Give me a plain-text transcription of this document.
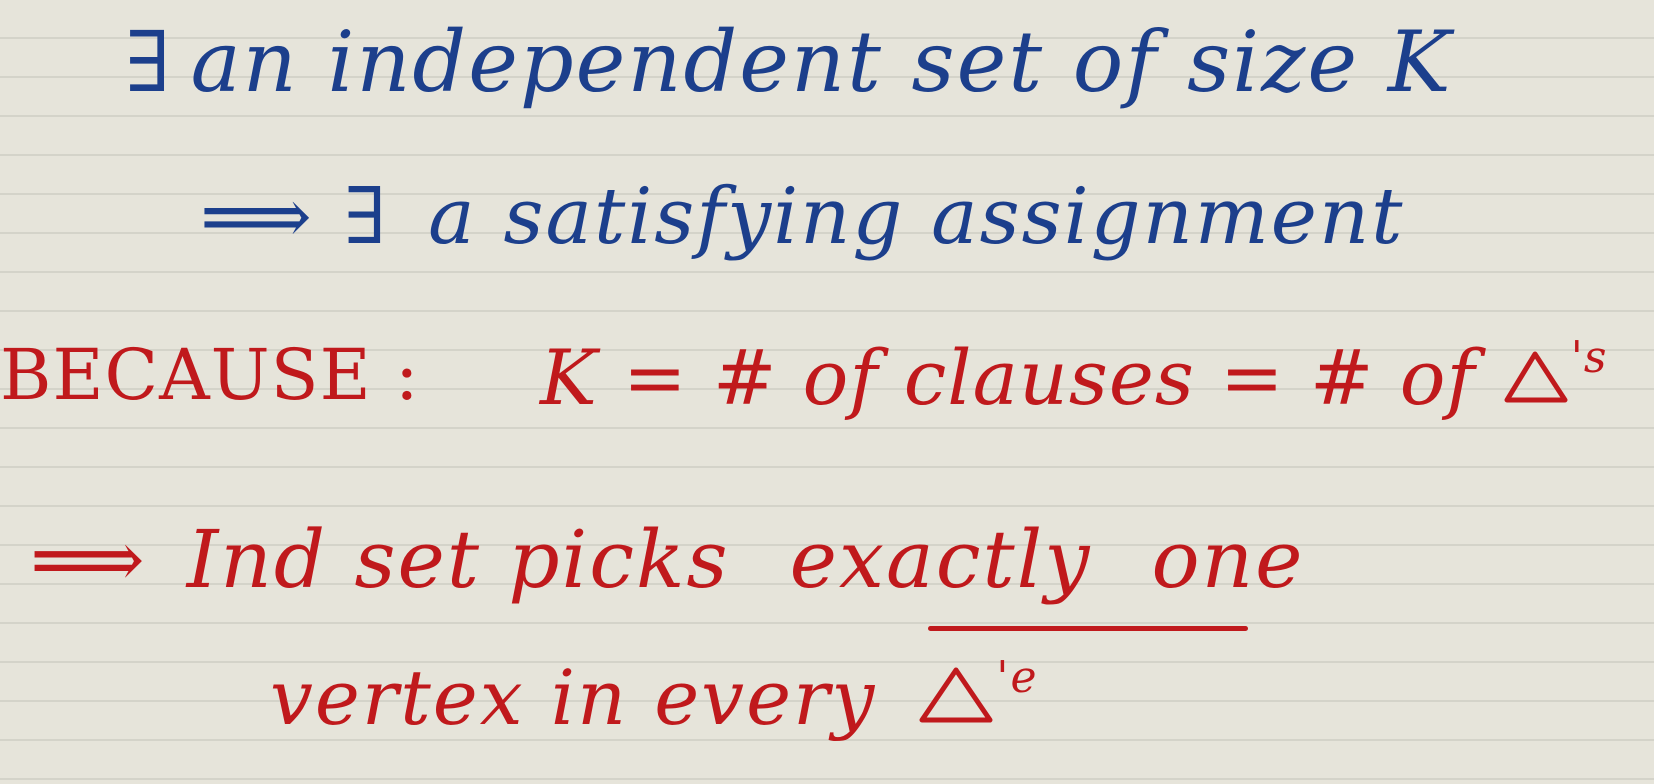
∃ an independent set of size K
⟹ ∃ a satisfying assignment
BECAUSE : K = # of clauses = # of $^{'s}$
⟹ Ind set picks exactly one
vertex in every	$^{'e}$
